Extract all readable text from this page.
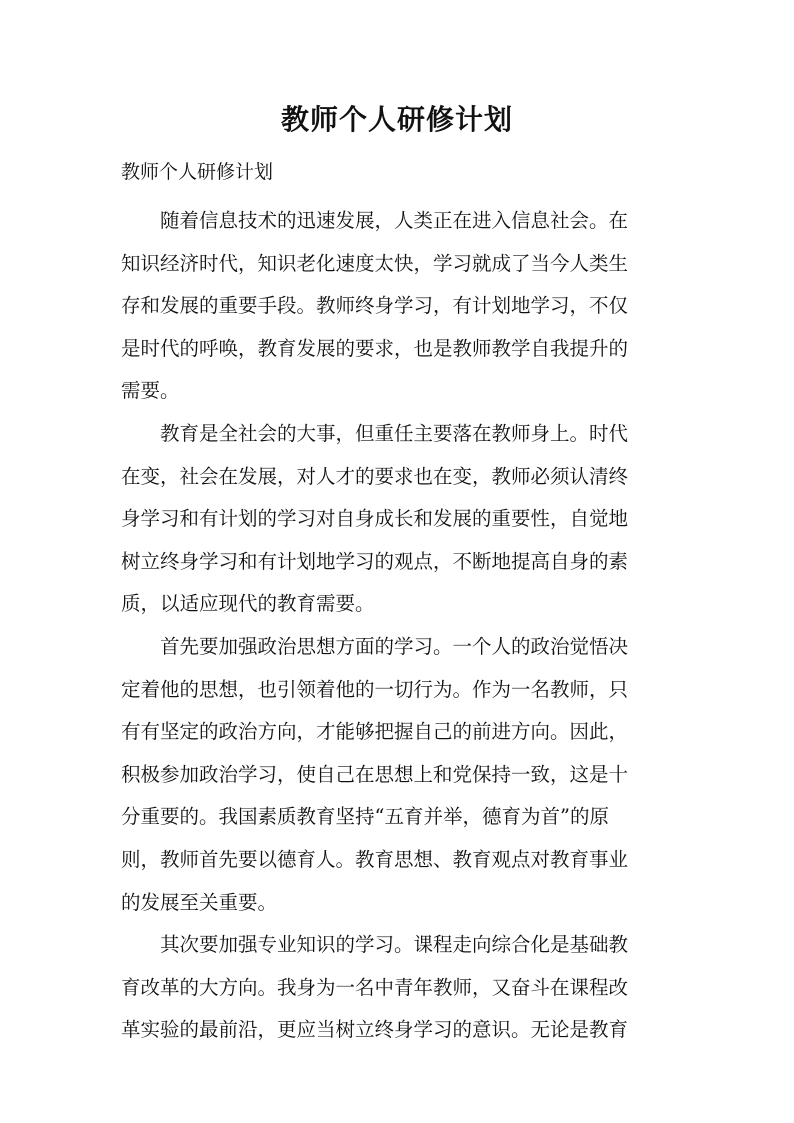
教师个人研修计划

教师个人研修计划

随着信息技术的迅速发展，人类正在进入信息社会。在
知识经济时代，知识老化速度太快，学习就成了当今人类生
存和发展的重要手段。教师终身学习，有计划地学习，不仅
是时代的呼唤，教育发展的要求，也是教师教学自我提升的
需要。

教育是全社会的大事，但重任主要落在教师身上。时代
在变，社会在发展，对人才的要求也在变，教师必须认清终
身学习和有计划的学习对自身成长和发展的重要性，自觉地
树立终身学习和有计划地学习的观点，不断地提高自身的素
质，以适应现代的教育需要。

首先要加强政治思想方面的学习。一个人的政治觉悟决
定着他的思想，也引领着他的一切行为。作为一名教师，只
有有坚定的政治方向，才能够把握自己的前进方向。因此，
积极参加政治学习，使自己在思想上和党保持一致，这是十
分重要的。我国素质教育坚持“五育并举，德育为首”的原
则，教师首先要以德育人。教育思想、教育观点对教育事业
的发展至关重要。

其次要加强专业知识的学习。课程走向综合化是基础教
育改革的大方向。我身为一名中青年教师，又奋斗在课程改
革实验的最前沿，更应当树立终身学习的意识。无论是教育
